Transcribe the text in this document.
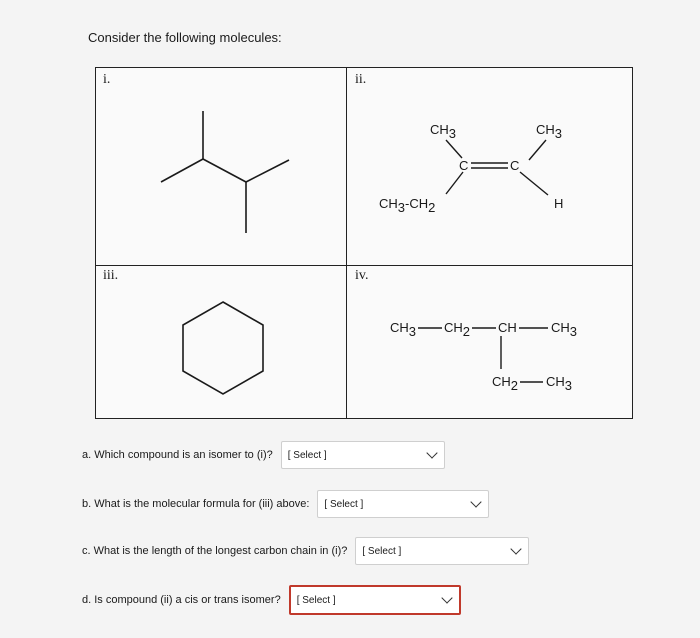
Consider the following molecules:
i.	ii.
iii.	iv.
CH3	CH3
C	C
CH3-CH2	H
CH3 CH2 CH	CH3
CH2 CH3
a. Which compound is an isomer to (i)? [ Select ]
b. What is the molecular formula for (iii) above: [ Select ]
c. What is the length of the longest carbon chain in (i)? [ Select ]
d. Is compound (ii) a cis or trans isomer? [ Select ]
